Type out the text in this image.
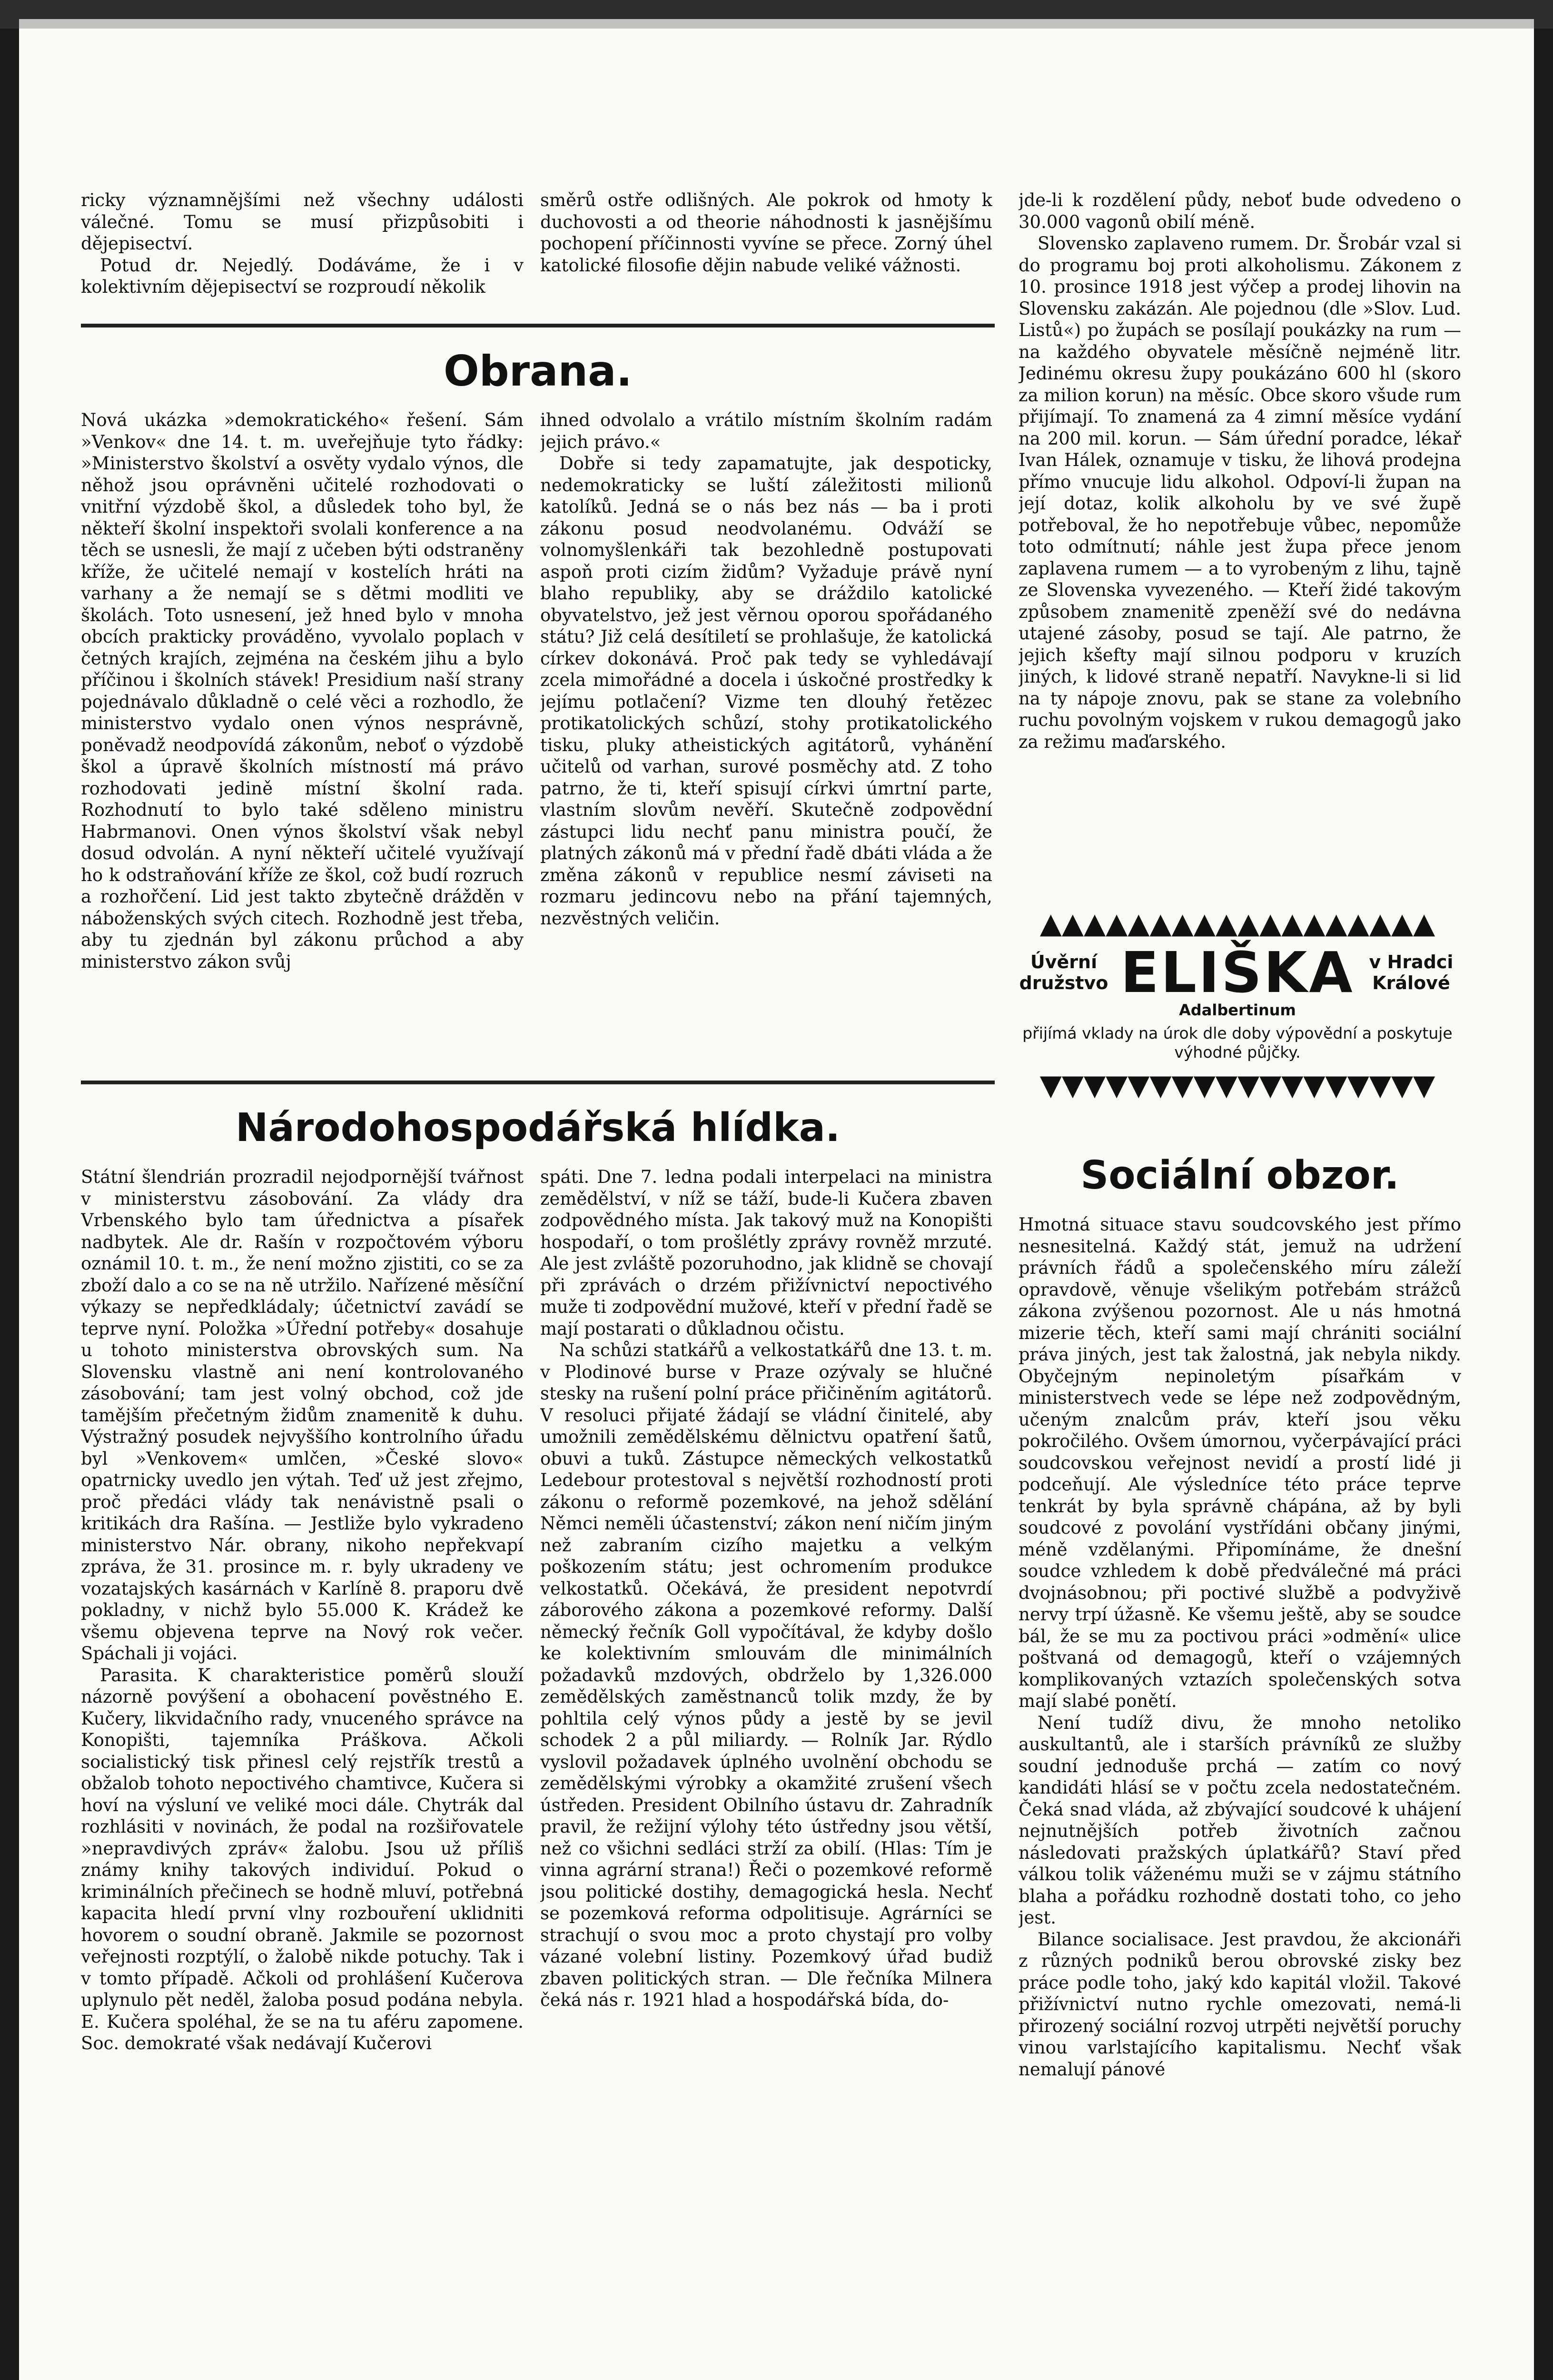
ricky významnějšími než všechny události válečné. Tomu se musí přizpůsobiti i dějepisectví.

Potud dr. Nejedlý. Dodáváme, že i v kolektivním dějepisectví se rozproudí několik

směrů ostře odlišných. Ale pokrok od hmoty k duchovosti a od theorie náhodnosti k jasnějšímu pochopení příčinnosti vyvíne se přece. Zorný úhel katolické filosofie dějin nabude veliké vážnosti.

jde-li k rozdělení půdy, neboť bude odvedeno o 30.000 vagonů obilí méně.

Slovensko zaplaveno rumem. Dr. Šrobár vzal si do programu boj proti alkoholismu. Zákonem z 10. prosince 1918 jest výčep a prodej lihovin na Slovensku zakázán. Ale pojednou (dle »Slov. Lud. Listů«) po župách se posílají poukázky na rum — na každého obyvatele měsíčně nejméně litr. Jedinému okresu župy poukázáno 600 hl (skoro za milion korun) na měsíc. Obce skoro všude rum přijímají. To znamená za 4 zimní měsíce vydání na 200 mil. korun. — Sám úřední poradce, lékař Ivan Hálek, oznamuje v tisku, že lihová prodejna přímo vnucuje lidu alkohol. Odpoví-li župan na její dotaz, kolik alkoholu by ve své župě potřeboval, že ho nepotřebuje vůbec, nepomůže toto odmítnutí; náhle jest župa přece jenom zaplavena rumem — a to vyrobeným z lihu, tajně ze Slovenska vyvezeného. — Kteří židé takovým způsobem znamenitě zpeněží své do nedávna utajené zásoby, posud se tají. Ale patrno, že jejich kšefty mají silnou podporu v kruzích jiných, k lidové straně nepatří. Navykne-li si lid na ty nápoje znovu, pak se stane za volebního ruchu povolným vojskem v rukou demagogů jako za režimu maďarského.

Obrana.

Nová ukázka »demokratického« řešení. Sám »Venkov« dne 14. t. m. uveřejňuje tyto řádky: »Ministerstvo školství a osvěty vydalo výnos, dle něhož jsou oprávněni učitelé rozhodovati o vnitřní výzdobě škol, a důsledek toho byl, že někteří školní inspektoři svolali konference a na těch se usnesli, že mají z učeben býti odstraněny kříže, že učitelé nemají v kostelích hráti na varhany a že nemají se s dětmi modliti ve školách. Toto usnesení, jež hned bylo v mnoha obcích prakticky prováděno, vyvolalo poplach v četných krajích, zejména na českém jihu a bylo příčinou i školních stávek! Presidium naší strany pojednávalo důkladně o celé věci a rozhodlo, že ministerstvo vydalo onen výnos nesprávně, poněvadž neodpovídá zákonům, neboť o výzdobě škol a úpravě školních místností má právo rozhodovati jedině místní školní rada. Rozhodnutí to bylo také sděleno ministru Habrmanovi. Onen výnos školství však nebyl dosud odvolán. A nyní někteří učitelé využívají ho k odstraňování kříže ze škol, což budí rozruch a rozhořčení. Lid jest takto zbytečně drážděn v náboženských svých citech. Rozhodně jest třeba, aby tu zjednán byl zákonu průchod a aby ministerstvo zákon svůj

ihned odvolalo a vrátilo místním školním radám jejich právo.«

Dobře si tedy zapamatujte, jak despoticky, nedemokraticky se luští záležitosti milionů katolíků. Jedná se o nás bez nás — ba i proti zákonu posud neodvolanému. Odváží se volnomyšlenkáři tak bezohledně postupovati aspoň proti cizím židům? Vyžaduje právě nyní blaho republiky, aby se dráždilo katolické obyvatelstvo, jež jest věrnou oporou spořádaného státu? Již celá desítiletí se prohlašuje, že katolická církev dokonává. Proč pak tedy se vyhledávají zcela mimořádné a docela i úskočné prostředky k jejímu potlačení? Vizme ten dlouhý řetězec protikatolických schůzí, stohy protikatolického tisku, pluky atheistických agitátorů, vyhánění učitelů od varhan, surové posměchy atd. Z toho patrno, že ti, kteří spisují církvi úmrtní parte, vlastním slovům nevěří. Skutečně zodpovědní zástupci lidu nechť panu ministra poučí, že platných zákonů má v přední řadě dbáti vláda a že změna zákonů v republice nesmí záviseti na rozmaru jedincovu nebo na přání tajemných, nezvěstných veličin.	▲▲▲▲▲▲▲▲▲▲▲▲▲▲▲▲▲▲
Úvěrní družstvo ELIŠKA v Hradci Králové
Adalbertinum
přijímá vklady na úrok dle doby výpovědní a poskytuje výhodné půjčky.
▼▼▼▼▼▼▼▼▼▼▼▼▼▼▼▼▼▼
Národohospodářská hlídka.

Státní šlendrián prozradil nejodpornější tvářnost v ministerstvu zásobování. Za vlády dra Vrbenského bylo tam úřednictva a písařek nadbytek. Ale dr. Rašín v rozpočtovém výboru oznámil 10. t. m., že není možno zjistiti, co se za zboží dalo a co se na ně utržilo. Nařízené měsíční výkazy se nepředkládaly; účetnictví zavádí se teprve nyní. Položka »Úřední potřeby« dosahuje u tohoto ministerstva obrovských sum. Na Slovensku vlastně ani není kontrolovaného zásobování; tam jest volný obchod, což jde tamějším přečetným židům znamenitě k duhu. Výstražný posudek nejvyššího kontrolního úřadu byl »Venkovem« umlčen, »České slovo« opatrnicky uvedlo jen výtah. Teď už jest zřejmo, proč předáci vlády tak nenávistně psali o kritikách dra Rašína. — Jestliže bylo vykradeno ministerstvo Nár. obrany, nikoho nepřekvapí zpráva, že 31. prosince m. r. byly ukradeny ve vozatajských kasárnách v Karlíně 8. praporu dvě pokladny, v nichž bylo 55.000 K. Krádež ke všemu objevena teprve na Nový rok večer. Spáchali ji vojáci.

Parasita. K charakteristice poměrů slouží názorně povýšení a obohacení pověstného E. Kučery, likvidačního rady, vnuceného správce na Konopišti, tajemníka Práškova. Ačkoli socialistický tisk přinesl celý rejstřík trestů a obžalob tohoto nepoctivého chamtivce, Kučera si hoví na výsluní ve veliké moci dále. Chytrák dal rozhlásiti v novinách, že podal na rozšiřovatele »nepravdivých zpráv« žalobu. Jsou už příliš známy knihy takových individuí. Pokud o kriminálních přečinech se hodně mluví, potřebná kapacita hledí první vlny rozbouření uklidniti hovorem o soudní obraně. Jakmile se pozornost veřejnosti rozptýlí, o žalobě nikde potuchy. Tak i v tomto případě. Ačkoli od prohlášení Kučerova uplynulo pět neděl, žaloba posud podána nebyla. E. Kučera spoléhal, že se na tu aféru zapomene. Soc. demokraté však nedávají Kučerovi

spáti. Dne 7. ledna podali interpelaci na ministra zemědělství, v níž se táží, bude-li Kučera zbaven zodpovědného místa. Jak takový muž na Konopišti hospodaří, o tom prošlétly zprávy rovněž mrzuté. Ale jest zvláště pozoruhodno, jak klidně se chovají při zprávách o drzém přižívnictví nepoctivého muže ti zodpovědní mužové, kteří v přední řadě se mají postarati o důkladnou očistu.

Na schůzi statkářů a velkostatkářů dne 13. t. m. v Plodinové burse v Praze ozývaly se hlučné stesky na rušení polní práce přičiněním agitátorů. V resoluci přijaté žádají se vládní činitelé, aby umožnili zemědělskému dělnictvu opatření šatů, obuvi a tuků. Zástupce německých velkostatků Ledebour protestoval s největší rozhodností proti zákonu o reformě pozemkové, na jehož sdělání Němci neměli účastenství; zákon není ničím jiným než zabraním cizího majetku a velkým poškozením státu; jest ochromením produkce velkostatků. Očekává, že president nepotvrdí záborového zákona a pozemkové reformy. Další německý řečník Goll vypočítával, že kdyby došlo ke kolektivním smlouvám dle minimálních požadavků mzdových, obdrželo by 1,326.000 zemědělských zaměstnanců tolik mzdy, že by pohltila celý výnos půdy a jestě by se jevil schodek 2 a půl miliardy. — Rolník Jar. Rýdlo vyslovil požadavek úplného uvolnění obchodu se zemědělskými výrobky a okamžité zrušení všech ústředen. President Obilního ústavu dr. Zahradník pravil, že režijní výlohy této ústředny jsou větší, než co všichni sedláci strží za obilí. (Hlas: Tím je vinna agrární strana!) Řeči o pozemkové reformě jsou politické dostihy, demagogická hesla. Nechť se pozemková reforma odpolitisuje. Agrárníci se strachují o svou moc a proto chystají pro volby vázané volební listiny. Pozemkový úřad budiž zbaven politických stran. — Dle řečníka Milnera čeká nás r. 1921 hlad a hospodářská bída, do-

Sociální obzor.

Hmotná situace stavu soudcovského jest přímo nesnesitelná. Každý stát, jemuž na udržení právních řádů a společenského míru záleží opravdově, věnuje všelikým potřebám strážců zákona zvýšenou pozornost. Ale u nás hmotná mizerie těch, kteří sami mají chrániti sociální práva jiných, jest tak žalostná, jak nebyla nikdy. Obyčejným nepinoletým písařkám v ministerstvech vede se lépe než zodpovědným, učeným znalcům práv, kteří jsou věku pokročilého. Ovšem úmornou, vyčerpávající práci soudcovskou veřejnost nevidí a prostí lidé ji podceňují. Ale výsledníce této práce teprve tenkrát by byla správně chápána, až by byli soudcové z povolání vystřídáni občany jinými, méně vzdělanými. Připomínáme, že dnešní soudce vzhledem k době předválečné má práci dvojnásobnou; při poctivé službě a podvyživě nervy trpí úžasně. Ke všemu ještě, aby se soudce bál, že se mu za poctivou práci »odmění« ulice poštvaná od demagogů, kteří o vzájemných komplikovaných vztazích společenských sotva mají slabé ponětí.

Není tudíž divu, že mnoho netoliko auskultantů, ale i starších právníků ze služby soudní jednoduše prchá — zatím co nový kandidáti hlásí se v počtu zcela nedostatečném. Čeká snad vláda, až zbývající soudcové k uhájení nejnutnějších potřeb životních začnou následovati pražských úplatkářů? Staví před válkou tolik váženému muži se v zájmu státního blaha a pořádku rozhodně dostati toho, co jeho jest.

Bilance socialisace. Jest pravdou, že akcionáři z různých podniků berou obrovské zisky bez práce podle toho, jaký kdo kapitál vložil. Takové přižívnictví nutno rychle omezovati, nemá-li přirozený sociální rozvoj utrpěti největší poruchy vinou varlstajícího kapitalismu. Nechť však nemalují pánové
